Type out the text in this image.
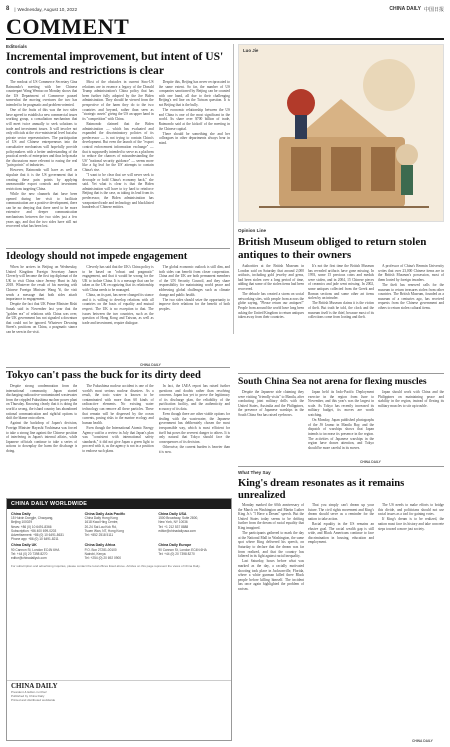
8 | Wednesday, August 10, 2022	CHINA DAILY 中国日报
COMMENT
Editorials
Incremental improvement, but intent of US' controls and restrictions is clear

The readout of US Commerce Secretary Gina Raimondo's meeting with her Chinese counterpart Wang Wentao on Monday shows that the US Department of Commerce paused somewhat the moving overtures the two has intended to be pragmatic and problem-oriented.

One of the fruits of this was the two sides have agreed to establish a new commercial issues working group, a consultation mechanism that will meet twice annually to seek solutions to trade and investment issues. It will involve not only officials at the vice-ministerial level but also private sector representatives. The participation of US and Chinese entrepreneurs into the consultative mechanism will hopefully provide policymakers with a better understanding of the practical needs of enterprises and thus help make the discussions more relevant to easing the real "pain points" of industries.

However, Raimondo will have as well as stipulate that it is the US government that is creating these pain points by applying unreasonable export controls and investment restrictions targeting China.

While the new channels that have been opened during her visit to facilitate communication are a positive development, there can be no denying that there need to be more extensive and deeper communication mechanisms between the two sides just a few years ago, and that the two sides have still not recovered what has been lost.

Most of the obstacles in current Sino-US relations are in essence a legacy of the Donald Trump administration's China policy that has been further fully adopted by the Joe Biden administration. They should be viewed from the perspective of the harm they do to the two countries and beyond, rather than seen as "strategic assets" giving the US an upper hand in its "competition" with China.

Raimondo claimed that the Biden administration — which has evaluated and expanded the discriminatory policies of its predecessor — is not trying to contain China's development. But even the launch of the "export control enforcement information exchange" — that is supposedly intended to serve as a platform to reduce the chances of misunderstanding the US' "national security guidance" — seems more like a fig leaf for the US' attempts to contain China's rise.

"I want to be clear that we will never seek to decouple or hold China's economy back," she said. Yet what is clear is that the Biden administration will have to try hard to reinforce Beijing that is the case, as taking its lead from its predecessor, the Biden administration has weaponized trade and technology and blacklisted hundreds of Chinese entities.

Despite this, Beijing has never reciprocated to the same extent. So far, the number of US companies sanctioned by Beijing can be counted with one hand, all due to their challenging Beijing's red line on the Taiwan question. It is not Beijing that is the bully.

The economic relationship between the US and China is one of the most significant in the world. Its share over $700 billion of trade, Raimondo said at the kickoff of the meeting in the Chinese capital.

There should be something she and her colleagues in other departments always bear in mind.

Luo Jie
Opinion Line
British Museum obliged to return stolen antiques to their owners

Authorities at the British Museum in London said on Saturday that around 2,000 artifacts, including gold jewelry and gems, had been stolen over a long period of time, adding that some of the stolen items had been recovered.

The debacle has created a storm on social networking sites, with people from across the globe saying, "Please return our antiques!" People from around the world have long been asking the United Kingdom to return antiques taken away from their countries.

It's not the first time the British Museum has revealed artifacts have gone missing. In 1993, some 15 precious coins and medals were stolen, and in 2004, 15 Chinese pieces of ceramics and jade went missing. In 2002, some antiques collected from the Greek and Roman sections and some other art items stolen by an intruder.

The British Museum claims it is the victim of theft. But truth be told, the clock and the museum itself is the thief, because most of its collections come from looting and theft.

A professor of China's Renmin University writes that over 23,000 Chinese items are in the British Museum's possession, most of them looted by foreign invaders.

The theft has renewed calls for the museum to return treasures stolen from other countries. The British Museum, founded as a museum of a centuries ago, has received requests from the Chinese government and others to return stolen cultural items.

South China Sea not arena for flexing muscles

Despite the Japanese side claiming they were visiting "friendly visits" to Manila, after conducting joint military drills with the United States, Australia and the Philippines, the presence of Japanese warships in the South China Sea has raised eyebrows.

Japan held its Indo-Pacific Deployment exercise in the region from June to November, and this year's was the largest in scale. As Tokyo has recently increased its military budget, its moves are worth watching.

On Monday, Japan published photographs of the JS Izumo in Manila Bay, and the dispatch of warships shows that Japan intends to increase its presence in the region. The activities of Japanese warships in the region have drawn attention, and Tokyo should be more careful in its moves.

Japan should work with China and the Philippines on maintaining peace and stability in the region, instead of flexing its military muscles to stir up trouble.

CHINA DAILY
Ideology should not impede engagement

When he arrives in Beijing on Wednesday, United Kingdom Foreign Secretary James Cleverly will become the first top diplomat of the UK to visit China since Jeremy Hunt in July 2018. Whatever the result of his meeting with Chinese Foreign Minister Wang Yi, the visit sends a message that both sides attach importance to engagement.

Despite the fact that UK Prime Minister Rishi Sunak said in November last year that the "golden era" of relations with China was over, the UK government has not signaled a downturn that could not be ignored. Whatever Downing Street's positions on China, a pragmatic stance can be seen in the visit.

Cleverly has said that the UK's China policy is to be based on "robust and pragmatic" engagement, and that it would be wrong for the UK to isolate China. It is a message that can be taken as the UK recognizing that its relationship with China needs to be managed.

China, on its part, has never changed its stance and it is willing to develop relations with all countries on the basis of equality and mutual respect. The UK is no exception to that. The issues between the two countries, such as the question of Hong Kong and Taiwan, as well as trade and investment, require dialogue.

The global economic outlook is still dim, and both sides can benefit from closer cooperation. China and the UK are both permanent members of the UN Security Council, and they share responsibility for maintaining world peace and addressing global challenges such as climate change and public health.

The two sides should seize the opportunity to improve their relations for the benefit of both peoples.

CHINA DAILY
Tokyo can't pass the buck for its dirty deed

Despite strong condemnation from the international community, Japan started discharging radioactive-contaminated wastewater from the crippled Fukushima nuclear power plant on Thursday. Knowing clearly that it is doing the world a wrong, the island country has abandoned rational communication and rightful options to shift the blame onto others.

Against the backdrop of Japan's decision, Foreign Minister Hayashi Yoshimasa was forced to take a strong line against the Chinese position of interfering in Japan's internal affairs, while Japanese officials continue to take a series of actions to downplay the harm the discharge is doing.

The Fukushima nuclear accident is one of the world's most serious nuclear disasters. As a result, the toxic water is known to be contaminated with more than 60 kinds of radioactive elements. No existing water technology can remove all these particles. These that remain will be dispersed by the ocean currents, posing risks to the marine ecology and human health.

Even though the International Atomic Energy Agency said in a review in July that Japan's plan was "consistent with international safety standards," it did not give Japan a green light to proceed with it, as the agency is not in a position to endorse such plans.

In fact, the IAEA report has raised further questions and doubts rather than resolving concerns. Japan has yet to prove the legitimacy of its discharge plan, the reliability of the purification facility, and the authenticity and accuracy of its data.

Even though there are other viable options for dealing with the wastewater, the Japanese government has deliberately chosen the most irresponsible way, which is most efficient for itself but poses the severest danger to others. It is only natural that Tokyo should face the consequences of its decision.

Otherwise, the current burden is heavier than it is now.

CHINA DAILY WORLDWIDE
China Daily
15 Huixin Dongjie, Chaoyang,
Beijing 100029
News: +86 (0) 10 6491-8366
Subscription: +86 400 699-0203
Advertisement: +86 (0) 10 6491-8631
Phone app: +86 (0) 10 6491-8211
China Daily Asia Pacific
China Daily Hong Kong
1618 Kwai Hing Centre,
20-24 Sai Lau Kok Rd,
Tsuen Wan, NT, Hong Kong
Tel: +852 2518 5111
China Daily USA
1500 Broadway, Suite 2800,
New York, NY 10036
Tel: +1 212 537 8888
editor@chinadailyusa.com
China Daily UK
90 Cannon St, London EC4N 6HA
Tel: +44 (0) 20 7398 8270
editor@chinadailyuk.com
China Daily Africa
P.O. Box 27281-00100
Nairobi, Kenya
Tel: +254 (0) 20 692 0900
China Daily Europe
90 Cannon St, London EC4N 6HA
Tel: +44 (0) 20 7398 8270
For subscription and advertising inquiries, please contact the local offices listed above. Articles on this page represent the views of China Daily.
CHINA DAILY
President & Editor-in-Chief
Published by China Daily
Printed and distributed worldwide
What They Say
King's dream resonates as it remains unrealized

Monday marked the 60th anniversary of the March on Washington and Martin Luther King Jr.'s "I Have a Dream" speech. But the United States today seems to be drifting further from the dream of racial equality that King imagined.

The participants gathered to mark the day at the National Mall in Washington, the same spot where King delivered his speech, on Saturday to declare that the dream was far from realized, and that the country has faltered in its fight against racial inequality.

Last Saturday, hours before what was marked as the day, a racially motivated shooting took place in Jacksonville, Florida, where a white gunman killed three Black people before killing himself. The incident has once again highlighted the problem of racism.

That you simply can't dream up your future. The civil rights movement and King's dream should serve as a reminder for the nation to take action.

Racial equality in the US remains an elusive goal. The racial wealth gap is still wide, and Black Americans continue to face discrimination in housing, education and employment.

The US needs to make efforts to bridge this divide, and politicians should not use racial issues as a tool for gaining votes.

If King's dream is to be realized, the nation must face its history and take concrete steps toward a more just society.

CHINA DAILY
